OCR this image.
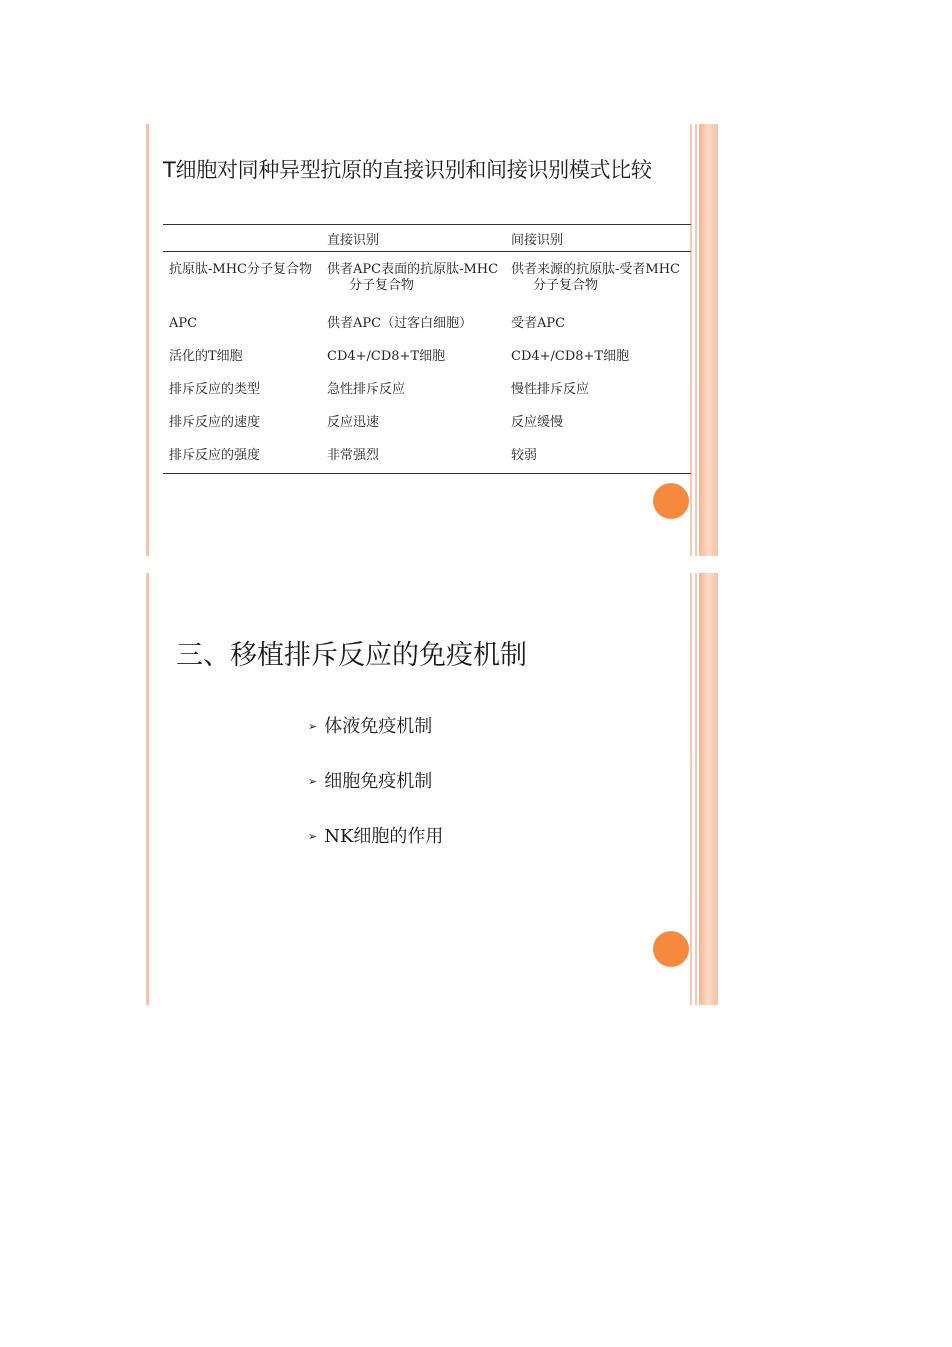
T细胞对同种异型抗原的直接识别和间接识别模式比较
	直接识别	间接识别

抗原肽-MHC分子复合物	供者APC表面的抗原肽-MHC分子复合物	供者来源的抗原肽-受者MHC分子复合物

APC	供者APC（过客白细胞）	受者APC
活化的T细胞	CD4+/CD8+T细胞	CD4+/CD8+T细胞
排斥反应的类型	急性排斥反应	慢性排斥反应
排斥反应的速度	反应迅速	反应缓慢
排斥反应的强度	非常强烈	较弱
三、移植排斥反应的免疫机制
➢ 体液免疫机制
➢ 细胞免疫机制
➢ NK细胞的作用
